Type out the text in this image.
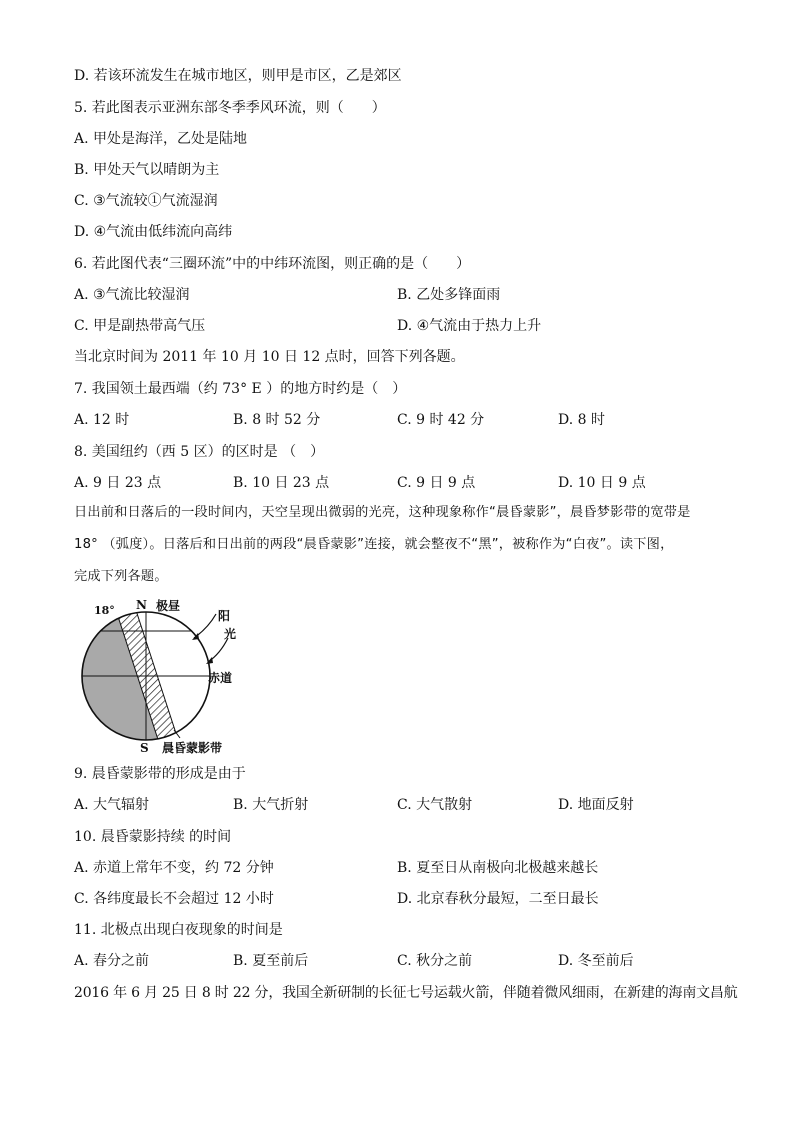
D. 若该环流发生在城市地区，则甲是市区，乙是郊区
5. 若此图表示亚洲东部冬季季风环流，则（　　）
A. 甲处是海洋，乙处是陆地
B. 甲处天气以晴朗为主
C. ③气流较①气流湿润
D. ④气流由低纬流向高纬
6. 若此图代表“三圈环流”中的中纬环流图，则正确的是（　　）
A. ③气流比较湿润	B. 乙处多锋面雨
C. 甲是副热带高气压	D. ④气流由于热力上升
当北京时间为 2011 年 10 月 10 日 12 点时，回答下列各题。
7. 我国领土最西端（约 73° E ）的地方时约是（　）
A. 12 时	B. 8 时 52 分	C. 9 时 42 分	D. 8 时
8. 美国纽约（西 5 区）的区时是 （　）
A. 9 日 23 点	B. 10 日 23 点	C. 9 日 9 点	D. 10 日 9 点
日出前和日落后的一段时间内，天空呈现出微弱的光亮，这种现象称作“晨昏蒙影”，晨昏梦影带的宽带是
18° （弧度）。日落后和日出前的两段“晨昏蒙影”连接，就会整夜不“黑”，被称作为“白夜”。读下图，
完成下列各题。
18° N 极昼
阳
光
赤道
S 晨昏蒙影带
9. 晨昏蒙影带的形成是由于
A. 大气辐射	B. 大气折射	C. 大气散射	D. 地面反射
10. 晨昏蒙影持续 的时间
A. 赤道上常年不变，约 72 分钟	B. 夏至日从南极向北极越来越长
C. 各纬度最长不会超过 12 小时	D. 北京春秋分最短，二至日最长
11. 北极点出现白夜现象的时间是
A. 春分之前	B. 夏至前后	C. 秋分之前	D. 冬至前后
2016 年 6 月 25 日 8 时 22 分，我国全新研制的长征七号运载火箭，伴随着微风细雨，在新建的海南文昌航
